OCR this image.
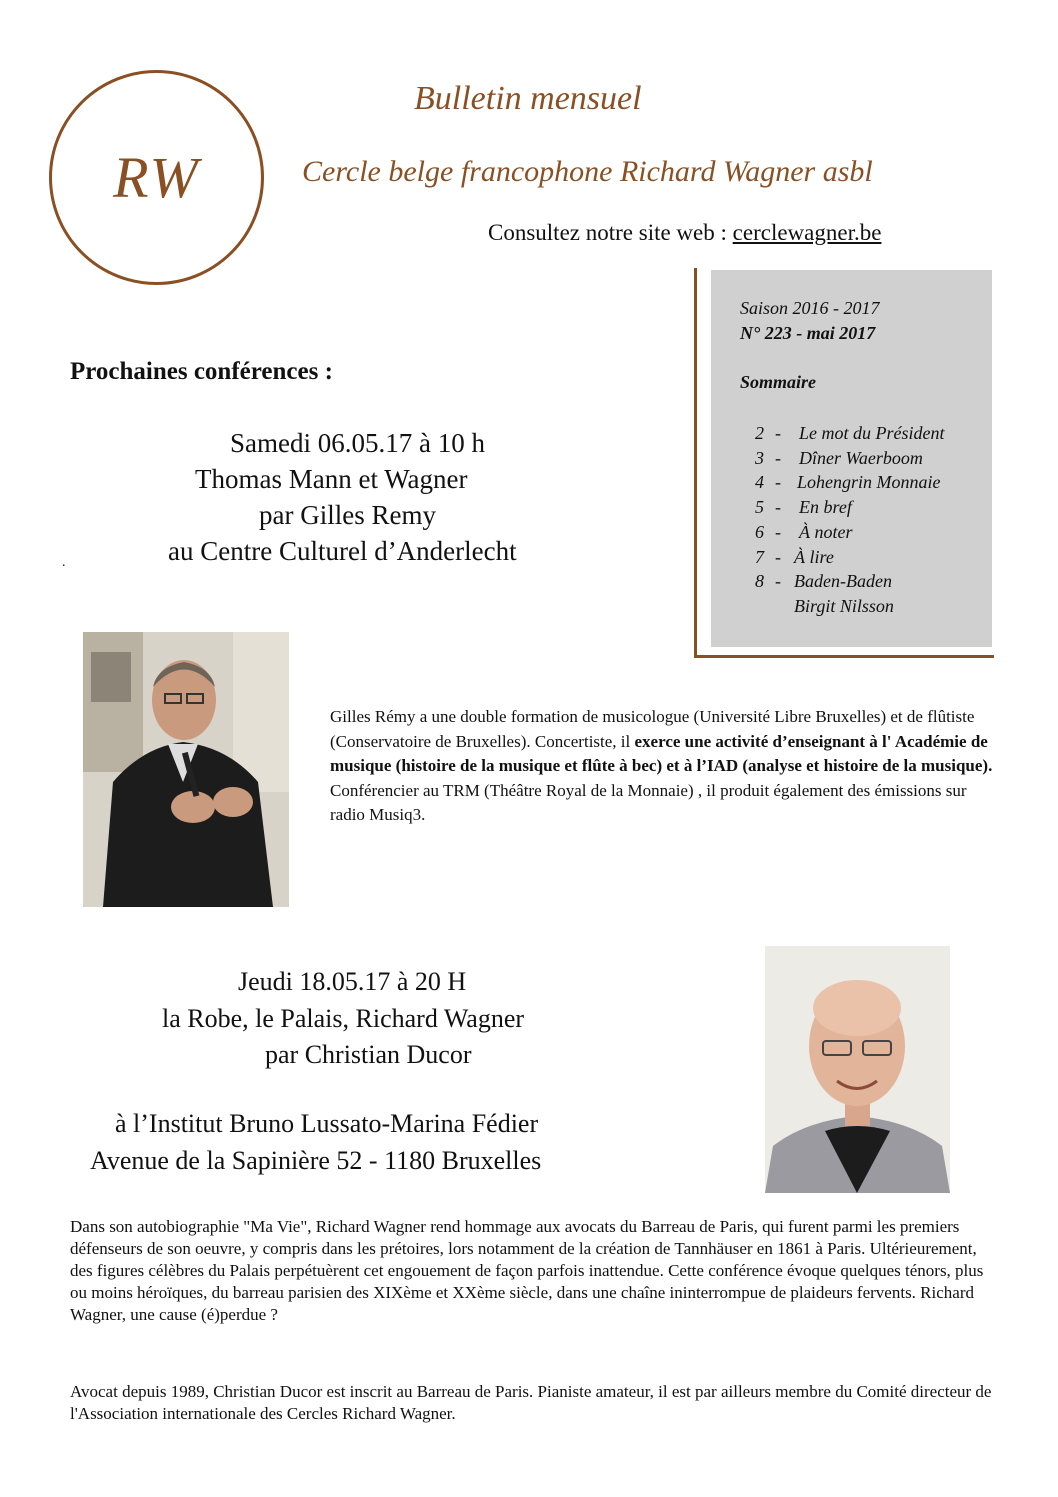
RW
Bulletin mensuel
Cercle belge francophone Richard Wagner asbl
Consultez notre site web : cerclewagner.be
Saison 2016 - 2017
N° 223 - mai 2017
Sommaire
2 - Le mot du Président
3 - Dîner Waerboom
4 - Lohengrin Monnaie
5 - En bref
6 - À noter
7 - À lire
8 - Baden-Baden
Birgit Nilsson
Prochaines conférences :
Samedi 06.05.17 à 10 h
Thomas Mann et Wagner
par Gilles Remy
au Centre Culturel d’Anderlecht
.
Gilles Rémy a une double formation de musicologue (Université Libre Bruxelles) et de flûtiste (Conservatoire de Bruxelles). Concertiste, il exerce une activité d’enseignant à l' Académie de musique (histoire de la musique et flûte à bec) et à l’IAD (analyse et histoire de la musique). Conférencier au TRM (Théâtre Royal de la Monnaie) , il produit également des émissions sur radio Musiq3.
Jeudi 18.05.17 à 20 H
la Robe, le Palais, Richard Wagner
par Christian Ducor
à l’Institut Bruno Lussato-Marina Fédier
Avenue de la Sapinière 52 - 1180 Bruxelles
Dans son autobiographie "Ma Vie", Richard Wagner rend hommage aux avocats du Barreau de Paris, qui furent parmi les premiers défenseurs de son oeuvre, y compris dans les prétoires, lors notamment de la création de Tannhäuser en 1861 à Paris. Ultérieurement, des figures célèbres du Palais perpétuèrent cet engouement de façon parfois inattendue. Cette conférence évoque quelques ténors, plus ou moins héroïques, du barreau parisien des XIXème et XXème siècle, dans une chaîne ininterrompue de plaideurs fervents. Richard Wagner, une cause (é)perdue ?
Avocat depuis 1989, Christian Ducor est inscrit au Barreau de Paris. Pianiste amateur, il est par ailleurs membre du Comité directeur de l'Association internationale des Cercles Richard Wagner.
